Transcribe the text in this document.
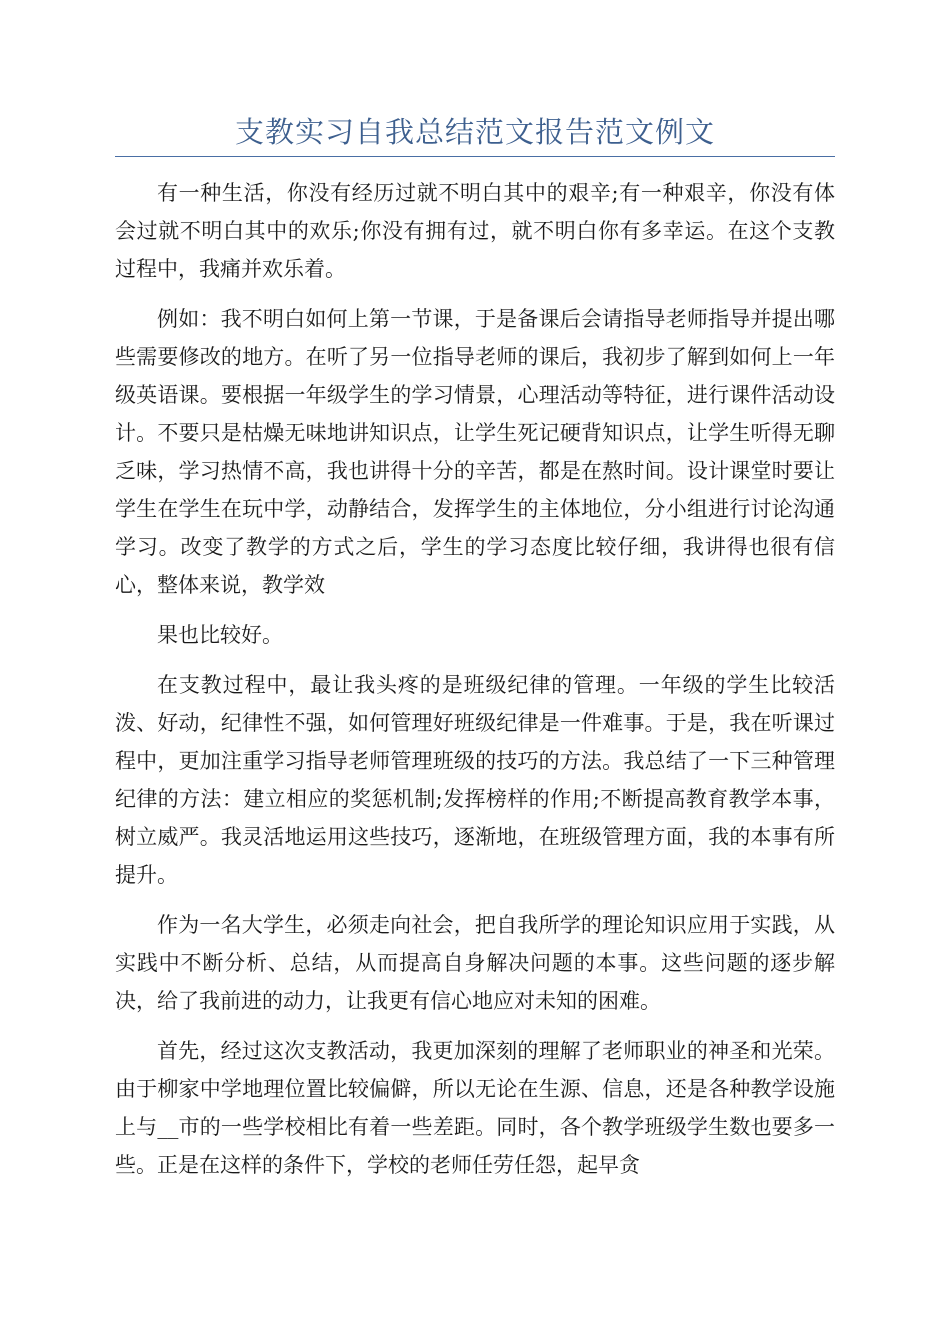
支教实习自我总结范文报告范文例文

有一种生活，你没有经历过就不明白其中的艰辛;有一种艰辛，你没有体会过就不明白其中的欢乐;你没有拥有过，就不明白你有多幸运。在这个支教过程中，我痛并欢乐着。

例如：我不明白如何上第一节课，于是备课后会请指导老师指导并提出哪些需要修改的地方。在听了另一位指导老师的课后，我初步了解到如何上一年级英语课。要根据一年级学生的学习情景，心理活动等特征，进行课件活动设计。不要只是枯燥无味地讲知识点，让学生死记硬背知识点，让学生听得无聊乏味，学习热情不高，我也讲得十分的辛苦，都是在熬时间。设计课堂时要让学生在学生在玩中学，动静结合，发挥学生的主体地位，分小组进行讨论沟通学习。改变了教学的方式之后，学生的学习态度比较仔细，我讲得也很有信心，整体来说，教学效

果也比较好。

在支教过程中，最让我头疼的是班级纪律的管理。一年级的学生比较活泼、好动，纪律性不强，如何管理好班级纪律是一件难事。于是，我在听课过程中，更加注重学习指导老师管理班级的技巧的方法。我总结了一下三种管理纪律的方法：建立相应的奖惩机制;发挥榜样的作用;不断提高教育教学本事，树立威严。我灵活地运用这些技巧，逐渐地，在班级管理方面，我的本事有所提升。

作为一名大学生，必须走向社会，把自我所学的理论知识应用于实践，从实践中不断分析、总结，从而提高自身解决问题的本事。这些问题的逐步解决，给了我前进的动力，让我更有信心地应对未知的困难。

首先，经过这次支教活动，我更加深刻的理解了老师职业的神圣和光荣。由于柳家中学地理位置比较偏僻，所以无论在生源、信息，还是各种教学设施上与__市的一些学校相比有着一些差距。同时，各个教学班级学生数也要多一些。正是在这样的条件下，学校的老师任劳任怨，起早贪
